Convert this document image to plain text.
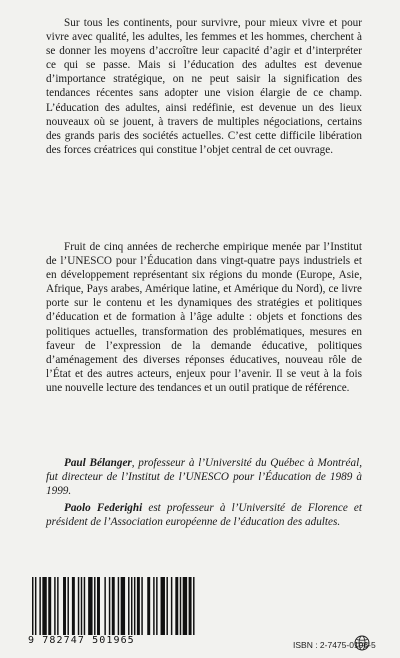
Sur tous les continents, pour survivre, pour mieux vivre et pour vivre avec qualité, les adultes, les femmes et les hommes, cherchent à se donner les moyens d’accroître leur capacité d’agir et d’interpréter ce qui se passe. Mais si l’éducation des adultes est devenue d’importance stratégique, on ne peut saisir la signification des tendances récentes sans adopter une vision élargie de ce champ. L’éducation des adultes, ainsi redéfinie, est devenue un des lieux nouveaux où se jouent, à travers de multiples négociations, certains des grands paris des sociétés actuelles. C’est cette difficile libération des forces créatrices qui constitue l’objet central de cet ouvrage.

Fruit de cinq années de recherche empirique menée par l’Institut de l’UNESCO pour l’Éducation dans vingt-quatre pays industriels et en développement représentant six régions du monde (Europe, Asie, Afrique, Pays arabes, Amérique latine, et Amérique du Nord), ce livre porte sur le contenu et les dynamiques des stratégies et politiques d’éducation et de formation à l’âge adulte : objets et fonctions des politiques actuelles, transformation des problématiques, mesures en faveur de l’expression de la demande éducative, politiques d’aménagement des diverses réponses éducatives, nouveau rôle de l’État et des autres acteurs, enjeux pour l’avenir. Il se veut à la fois une nouvelle lecture des tendances et un outil pratique de référence.

Paul Bélanger, professeur à l’Université du Québec à Montréal, fut directeur de l’Institut de l’UNESCO pour l’Éducation de 1989 à 1999.

Paolo Federighi est professeur à l’Université de Florence et président de l’Association européenne de l’éducation des adultes.

9 782747 501965	ISBN : 2-7475-0196-5
